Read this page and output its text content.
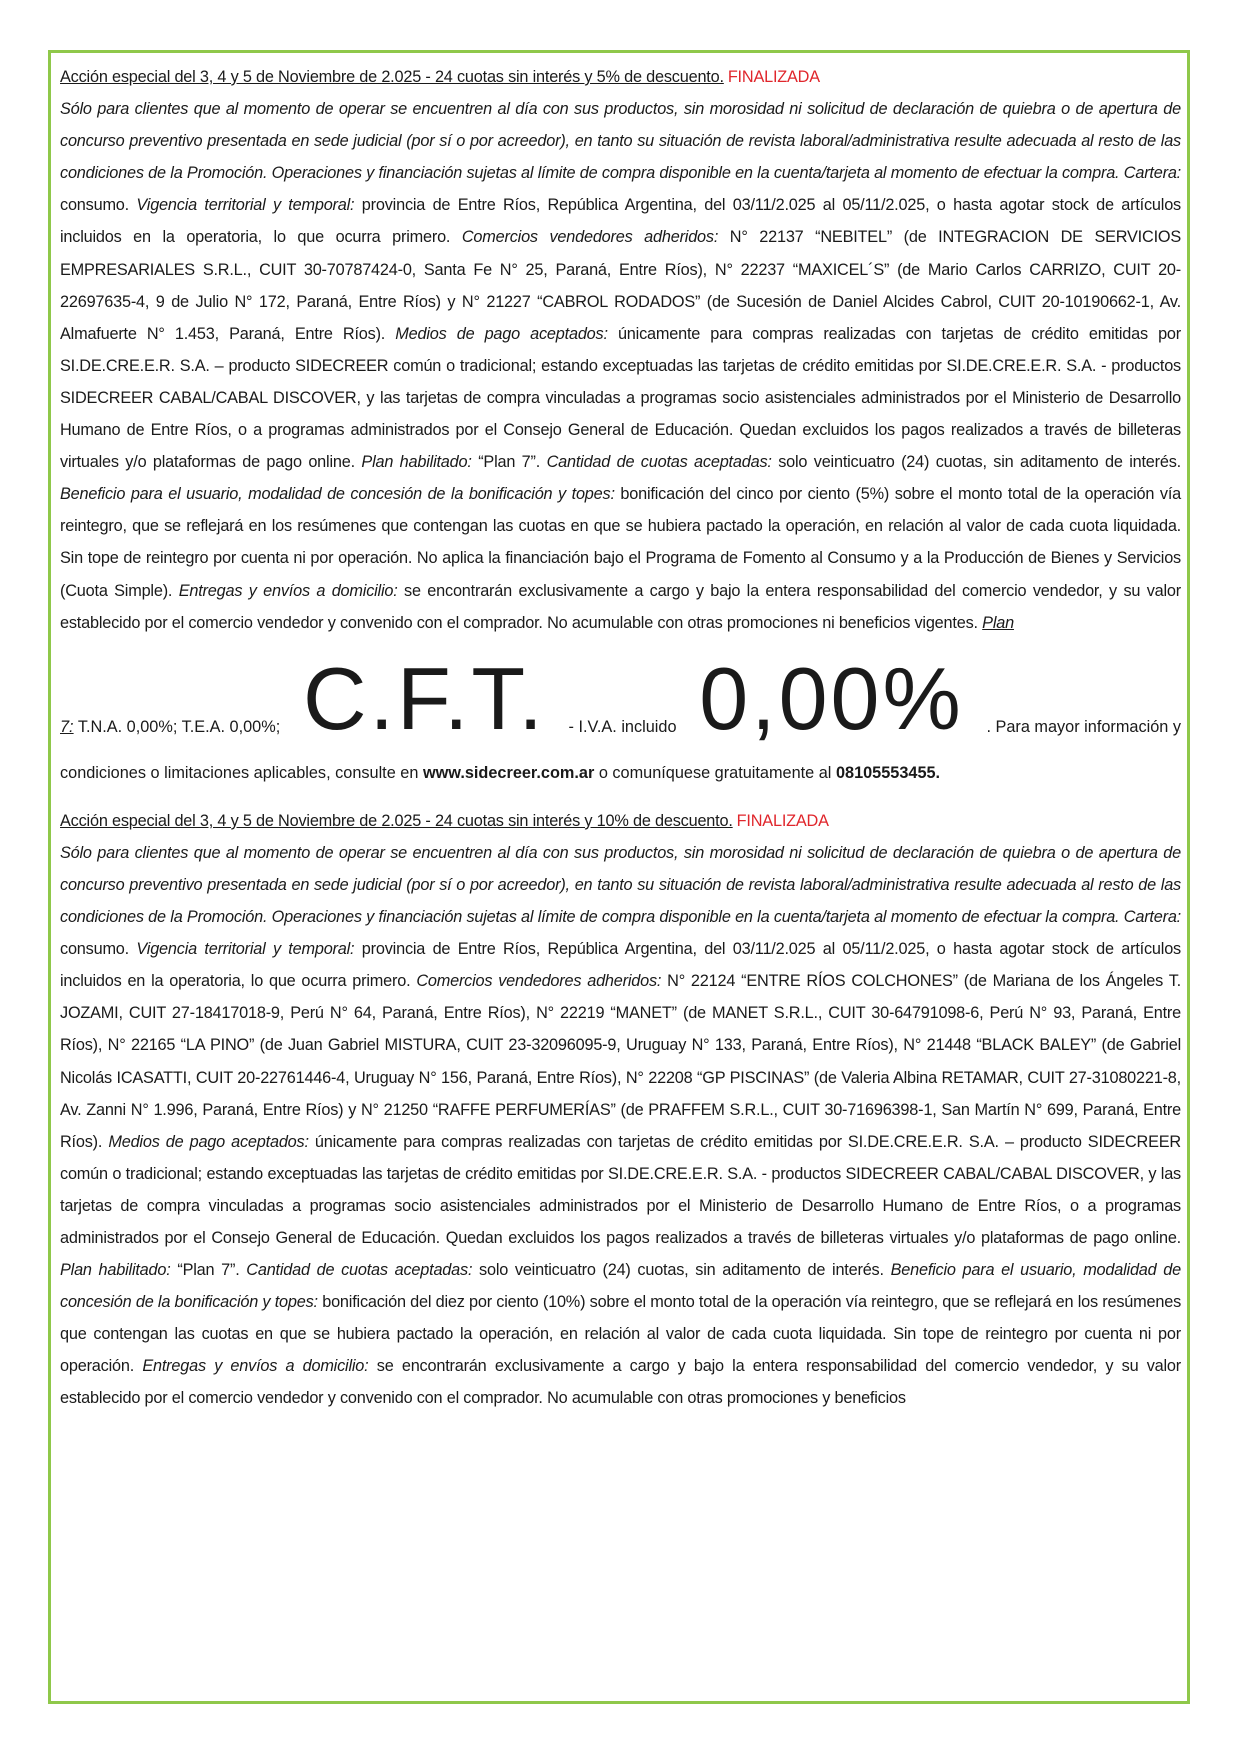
Acción especial del 3, 4 y 5 de Noviembre de 2.025 - 24 cuotas sin interés y 5% de descuento. FINALIZADA
Sólo para clientes que al momento de operar se encuentren al día con sus productos, sin morosidad ni solicitud de declaración de quiebra o de apertura de concurso preventivo presentada en sede judicial (por sí o por acreedor), en tanto su situación de revista laboral/administrativa resulte adecuada al resto de las condiciones de la Promoción. Operaciones y financiación sujetas al límite de compra disponible en la cuenta/tarjeta al momento de efectuar la compra. Cartera: consumo. Vigencia territorial y temporal: provincia de Entre Ríos, República Argentina, del 03/11/2.025 al 05/11/2.025, o hasta agotar stock de artículos incluidos en la operatoria, lo que ocurra primero. Comercios vendedores adheridos: N° 22137 “NEBITEL” (de INTEGRACION DE SERVICIOS EMPRESARIALES S.R.L., CUIT 30-70787424-0, Santa Fe N° 25, Paraná, Entre Ríos), N° 22237 “MAXICEL´S” (de Mario Carlos CARRIZO, CUIT 20-22697635-4, 9 de Julio N° 172, Paraná, Entre Ríos) y N° 21227 “CABROL RODADOS” (de Sucesión de Daniel Alcides Cabrol, CUIT 20-10190662-1, Av. Almafuerte N° 1.453, Paraná, Entre Ríos). Medios de pago aceptados: únicamente para compras realizadas con tarjetas de crédito emitidas por SI.DE.CRE.E.R. S.A. – producto SIDECREER común o tradicional; estando exceptuadas las tarjetas de crédito emitidas por SI.DE.CRE.E.R. S.A. - productos SIDECREER CABAL/CABAL DISCOVER, y las tarjetas de compra vinculadas a programas socio asistenciales administrados por el Ministerio de Desarrollo Humano de Entre Ríos, o a programas administrados por el Consejo General de Educación. Quedan excluidos los pagos realizados a través de billeteras virtuales y/o plataformas de pago online. Plan habilitado: “Plan 7”. Cantidad de cuotas aceptadas: solo veinticuatro (24) cuotas, sin aditamento de interés. Beneficio para el usuario, modalidad de concesión de la bonificación y topes: bonificación del cinco por ciento (5%) sobre el monto total de la operación vía reintegro, que se reflejará en los resúmenes que contengan las cuotas en que se hubiera pactado la operación, en relación al valor de cada cuota liquidada. Sin tope de reintegro por cuenta ni por operación. No aplica la financiación bajo el Programa de Fomento al Consumo y a la Producción de Bienes y Servicios (Cuota Simple). Entregas y envíos a domicilio: se encontrarán exclusivamente a cargo y bajo la entera responsabilidad del comercio vendedor, y su valor establecido por el comercio vendedor y convenido con el comprador. No acumulable con otras promociones ni beneficios vigentes. Plan
7: T.N.A. 0,00%; T.E.A. 0,00%; C.F.T. - I.V.A. incluido 0,00% . Para mayor información y
condiciones o limitaciones aplicables, consulte en www.sidecreer.com.ar o comuníquese gratuitamente al 08105553455.
Acción especial del 3, 4 y 5 de Noviembre de 2.025 - 24 cuotas sin interés y 10% de descuento. FINALIZADA
Sólo para clientes que al momento de operar se encuentren al día con sus productos, sin morosidad ni solicitud de declaración de quiebra o de apertura de concurso preventivo presentada en sede judicial (por sí o por acreedor), en tanto su situación de revista laboral/administrativa resulte adecuada al resto de las condiciones de la Promoción. Operaciones y financiación sujetas al límite de compra disponible en la cuenta/tarjeta al momento de efectuar la compra. Cartera: consumo. Vigencia territorial y temporal: provincia de Entre Ríos, República Argentina, del 03/11/2.025 al 05/11/2.025, o hasta agotar stock de artículos incluidos en la operatoria, lo que ocurra primero. Comercios vendedores adheridos: N° 22124 “ENTRE RÍOS COLCHONES” (de Mariana de los Ángeles T. JOZAMI, CUIT 27-18417018-9, Perú N° 64, Paraná, Entre Ríos), N° 22219 “MANET” (de MANET S.R.L., CUIT 30-64791098-6, Perú N° 93, Paraná, Entre Ríos), N° 22165 “LA PINO” (de Juan Gabriel MISTURA, CUIT 23-32096095-9, Uruguay N° 133, Paraná, Entre Ríos), N° 21448 “BLACK BALEY” (de Gabriel Nicolás ICASATTI, CUIT 20-22761446-4, Uruguay N° 156, Paraná, Entre Ríos), N° 22208 “GP PISCINAS” (de Valeria Albina RETAMAR, CUIT 27-31080221-8, Av. Zanni N° 1.996, Paraná, Entre Ríos) y N° 21250 “RAFFE PERFUMERÍAS” (de PRAFFEM S.R.L., CUIT 30-71696398-1, San Martín N° 699, Paraná, Entre Ríos). Medios de pago aceptados: únicamente para compras realizadas con tarjetas de crédito emitidas por SI.DE.CRE.E.R. S.A. – producto SIDECREER común o tradicional; estando exceptuadas las tarjetas de crédito emitidas por SI.DE.CRE.E.R. S.A. - productos SIDECREER CABAL/CABAL DISCOVER, y las tarjetas de compra vinculadas a programas socio asistenciales administrados por el Ministerio de Desarrollo Humano de Entre Ríos, o a programas administrados por el Consejo General de Educación. Quedan excluidos los pagos realizados a través de billeteras virtuales y/o plataformas de pago online. Plan habilitado: “Plan 7”. Cantidad de cuotas aceptadas: solo veinticuatro (24) cuotas, sin aditamento de interés. Beneficio para el usuario, modalidad de concesión de la bonificación y topes: bonificación del diez por ciento (10%) sobre el monto total de la operación vía reintegro, que se reflejará en los resúmenes que contengan las cuotas en que se hubiera pactado la operación, en relación al valor de cada cuota liquidada. Sin tope de reintegro por cuenta ni por operación. Entregas y envíos a domicilio: se encontrarán exclusivamente a cargo y bajo la entera responsabilidad del comercio vendedor, y su valor establecido por el comercio vendedor y convenido con el comprador. No acumulable con otras promociones y beneficios
